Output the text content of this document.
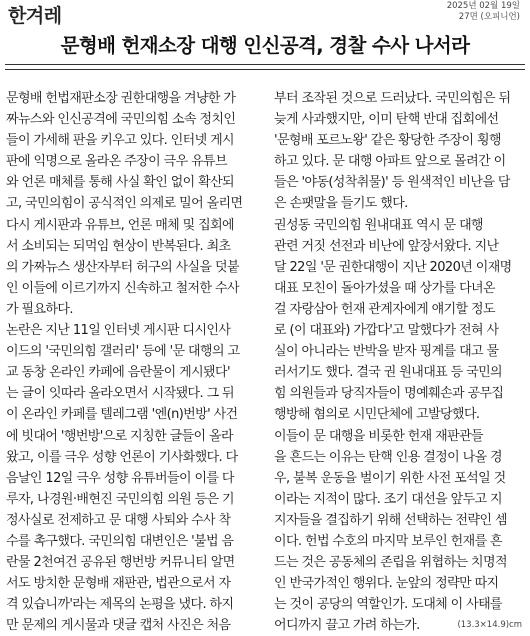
한겨레	2025년 02월 19일
27면 (오피니언)
문형배 헌재소장 대행 인신공격, 경찰 수사 나서라
문형배 헌법재판소장 권한대행을 겨냥한 가
짜뉴스와 인신공격에 국민의힘 소속 정치인
들이 가세해 판을 키우고 있다. 인터넷 게시
판에 익명으로 올라온 주장이 극우 유튜브
와 언론 매체를 통해 사실 확인 없이 확산되
고, 국민의힘이 공식적인 의제로 밀어 올리면
다시 게시판과 유튜브, 언론 매체 및 집회에
서 소비되는 되먹임 현상이 반복된다. 최초
의 가짜뉴스 생산자부터 허구의 사실을 덧붙
인 이들에 이르기까지 신속하고 철저한 수사
가 필요하다.
논란은 지난 11일 인터넷 게시판 디시인사
이드의 '국민의힘 갤러리' 등에 '문 대행의 고
교 동창 온라인 카페에 음란물이 게시됐다'
는 글이 잇따라 올라오면서 시작됐다. 그 뒤
이 온라인 카페를 텔레그램 '엔(n)번방' 사건
에 빗대어 '행번방'으로 지칭한 글들이 올라
왔고, 이를 극우 성향 언론이 기사화했다. 다
음날인 12일 극우 성향 유튜버들이 이를 다
루자, 나경원·배현진 국민의힘 의원 등은 기
정사실로 전제하고 문 대행 사퇴와 수사 착
수를 촉구했다. 국민의힘 대변인은 '불법 음
란물 2천여건 공유된 행번방 커뮤니티 알면
서도 방치한 문형배 재판관, 법관으로서 자
격 있습니까'라는 제목의 논평을 냈다. 하지
만 문제의 게시물과 댓글 캡처 사진은 처음
부터 조작된 것으로 드러났다. 국민의힘은 뒤
늦게 사과했지만, 이미 탄핵 반대 집회에선
'문형배 포르노왕' 같은 황당한 주장이 횡행
하고 있다. 문 대행 아파트 앞으로 몰려간 이
들은 '야동(성착취물)' 등 원색적인 비난을 담
은 손팻말을 들기도 했다.
권성동 국민의힘 원내대표 역시 문 대행
관련 거짓 선전과 비난에 앞장서왔다. 지난
달 22일 '문 권한대행이 지난 2020년 이재명
대표 모친이 돌아가셨을 때 상가를 다녀온
걸 자랑삼아 헌재 관계자에게 얘기할 정도
로 (이 대표와) 가깝다'고 말했다가 전혀 사
실이 아니라는 반박을 받자 핑계를 대고 물
러서기도 했다. 결국 권 원내대표 등 국민의
힘 의원들과 당직자들이 명예훼손과 공무집
행방해 혐의로 시민단체에 고발당했다.
이들이 문 대행을 비롯한 헌재 재판관들
을 흔드는 이유는 탄핵 인용 결정이 나올 경
우, 불복 운동을 벌이기 위한 사전 포석일 것
이라는 지적이 많다. 조기 대선을 앞두고 지
지자들을 결집하기 위해 선택하는 전략인 셈
이다. 헌법 수호의 마지막 보루인 헌재를 흔
드는 것은 공동체의 존립을 위협하는 치명적
인 반국가적인 행위다. 눈앞의 정략만 따지
는 것이 공당의 역할인가. 도대체 이 사태를
어디까지 끌고 가려 하는가.	(13.3×14.9)cm
